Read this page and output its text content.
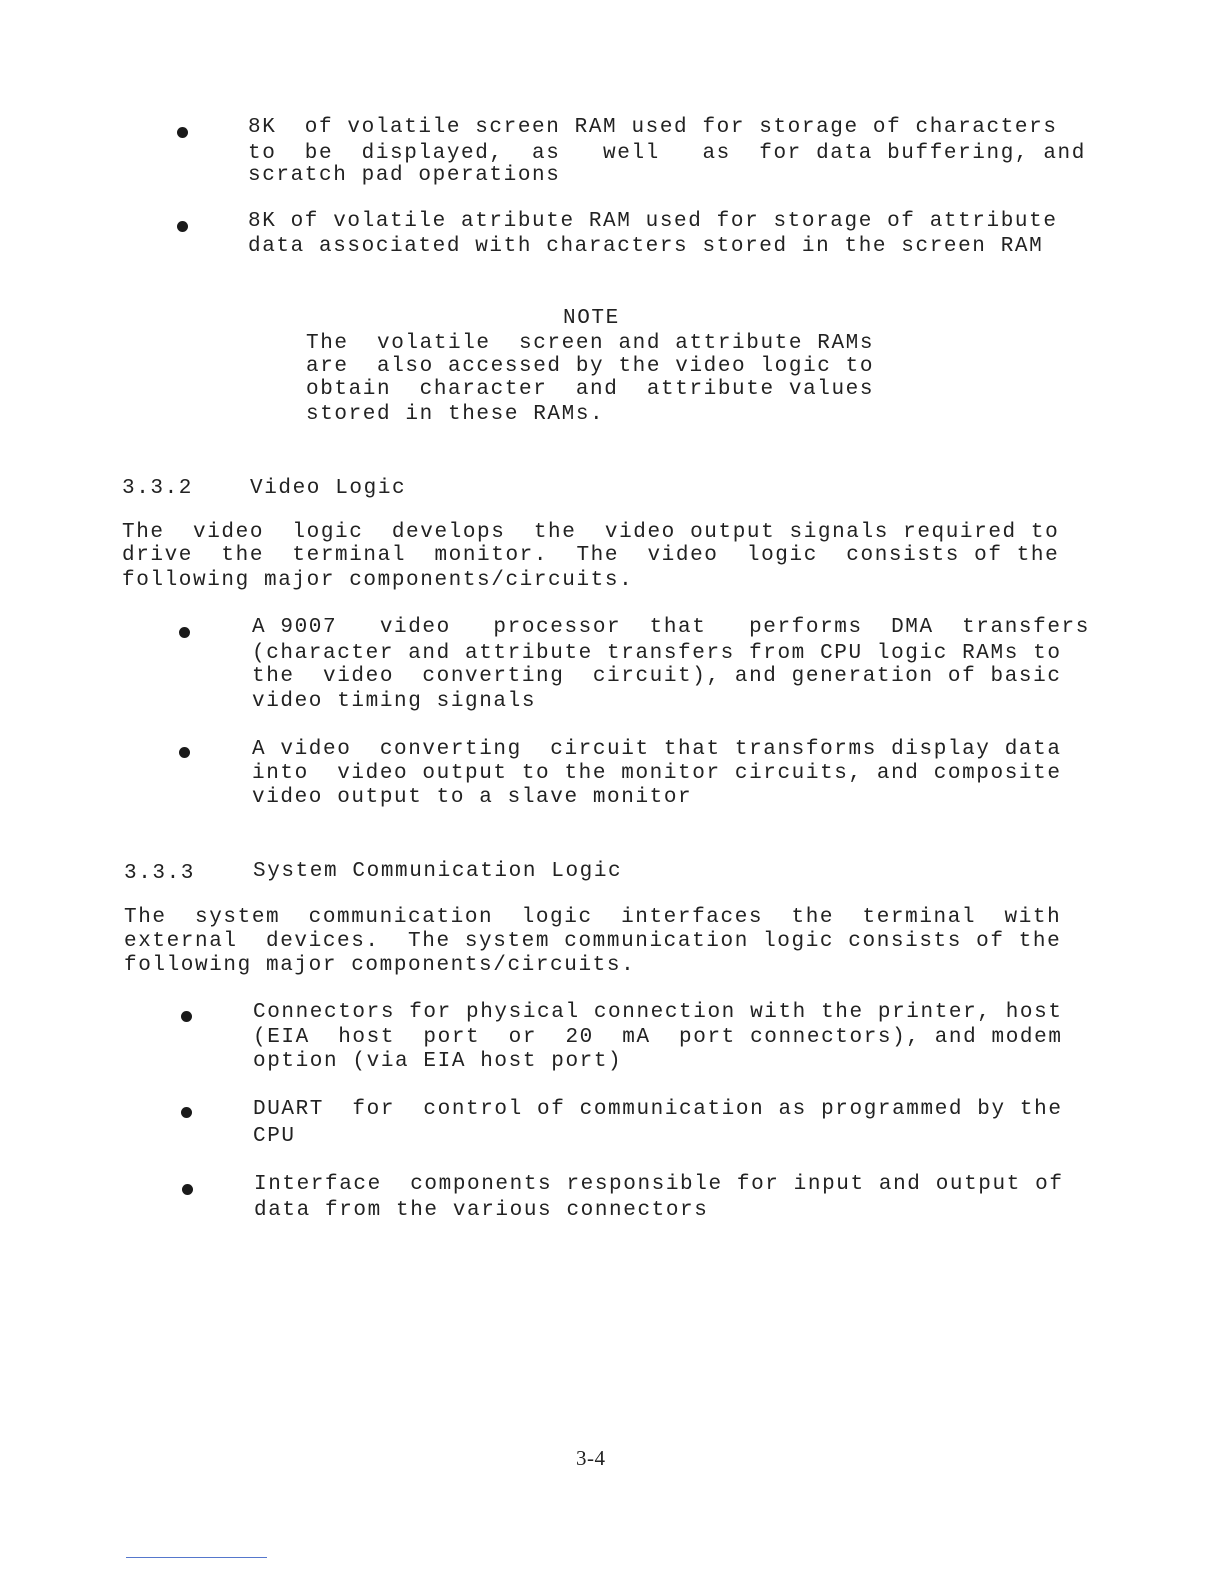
8K  of volatile screen RAM used for storage of characters
to  be  displayed,  as   well   as  for data buffering, and
scratch pad operations
8K of volatile atribute RAM used for storage of attribute
data associated with characters stored in the screen RAM
NOTE
The  volatile  screen and attribute RAMs
are  also accessed by the video logic to
obtain  character  and  attribute values
stored in these RAMs.
3.3.2	Video Logic
The  video  logic  develops  the  video output signals required to
drive  the  terminal  monitor.  The  video  logic  consists of the
following major components/circuits.
A 9007   video   processor  that   performs  DMA  transfers
(character and attribute transfers from CPU logic RAMs to
the  video  converting  circuit), and generation of basic
video timing signals
A video  converting  circuit that transforms display data
into  video output to the monitor circuits, and composite
video output to a slave monitor
3.3.3	System Communication Logic
The  system  communication  logic  interfaces  the  terminal  with
external  devices.  The system communication logic consists of the
following major components/circuits.
Connectors for physical connection with the printer, host
(EIA  host  port  or  20  mA  port connectors), and modem
option (via EIA host port)
DUART  for  control of communication as programmed by the
CPU
Interface  components responsible for input and output of
data from the various connectors
3-4
